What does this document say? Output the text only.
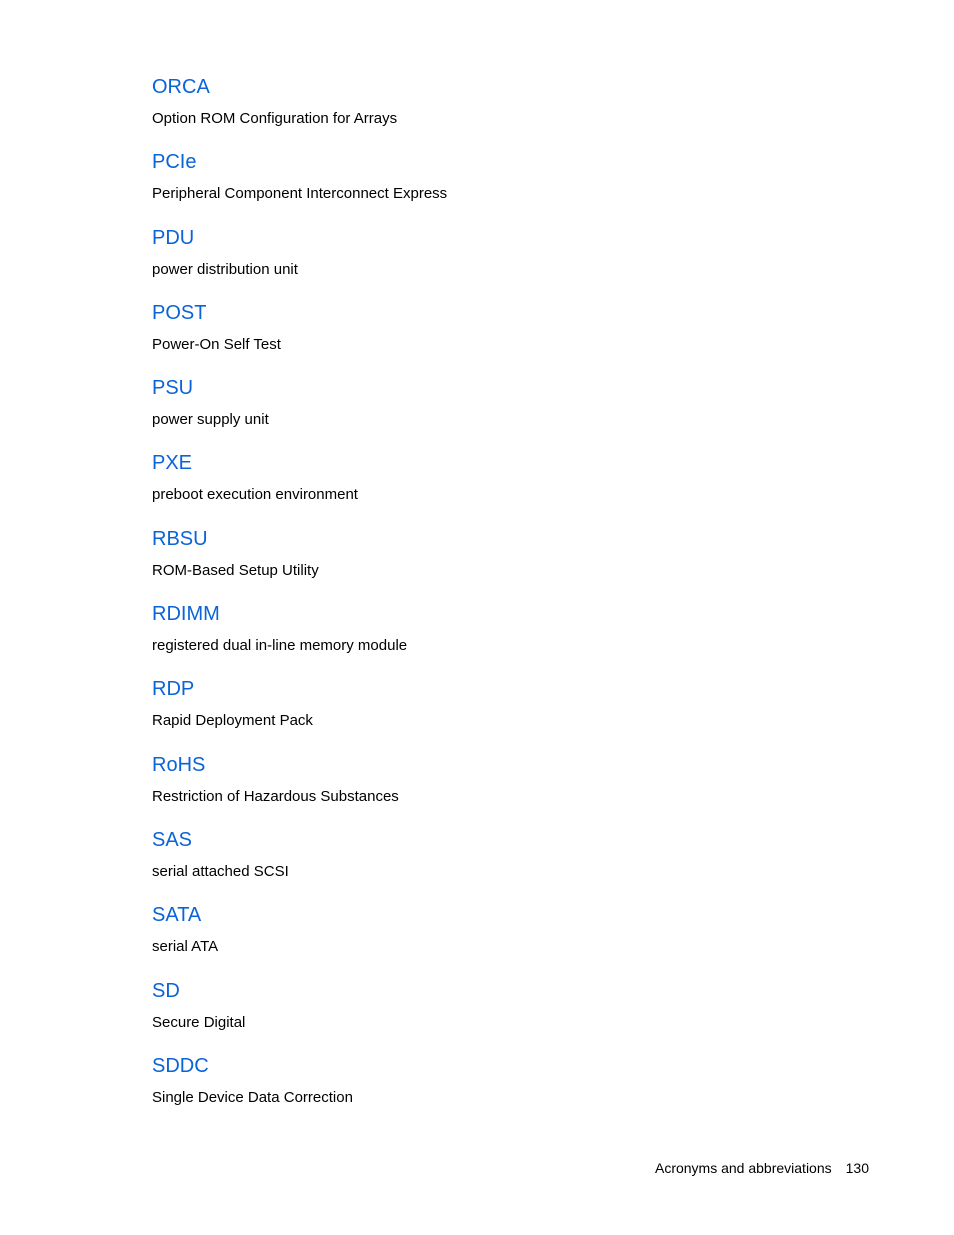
ORCA
Option ROM Configuration for Arrays
PCIe
Peripheral Component Interconnect Express
PDU
power distribution unit
POST
Power-On Self Test
PSU
power supply unit
PXE
preboot execution environment
RBSU
ROM-Based Setup Utility
RDIMM
registered dual in-line memory module
RDP
Rapid Deployment Pack
RoHS
Restriction of Hazardous Substances
SAS
serial attached SCSI
SATA
serial ATA
SD
Secure Digital
SDDC
Single Device Data Correction
Acronyms and abbreviations 130
